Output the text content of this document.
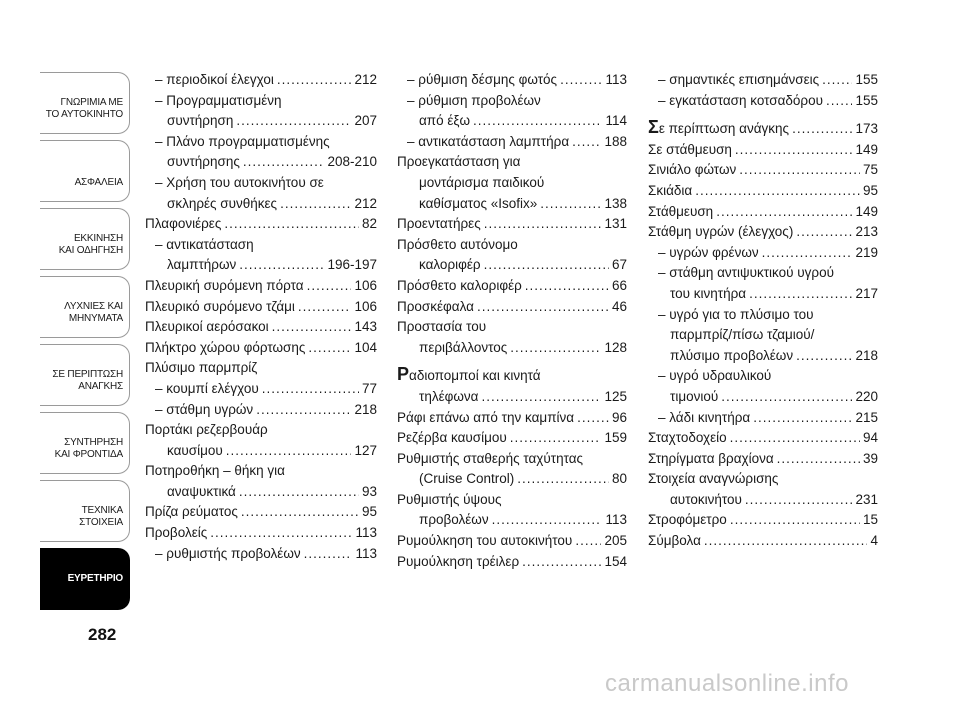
ΓΝΩΡΙΜΙΑ ΜΕ
ΤΟ ΑΥΤΟΚΙΝΗΤΟ
ΑΣΦΑΛΕΙΑ
ΕΚΚΙΝΗΣΗ
ΚΑΙ ΟΔΗΓΗΣΗ
ΛΥΧΝΙΕΣ ΚΑΙ
ΜΗΝΥΜΑΤΑ
ΣΕ ΠΕΡΙΠΤΩΣΗ
ΑΝΑΓΚΗΣ
ΣΥΝΤΗΡΗΣΗ
ΚΑΙ ΦΡΟΝΤΙΔΑ
ΤΕΧΝΙΚΑ
ΣΤΟΙΧΕΙΑ
ΕΥΡΕΤΗΡΙΟ
282
– περιοδικοί έλεγχοι .....	212
– Προγραμματισμένη
συντήρηση .....	207
– Πλάνο προγραμματισμένης
συντήρησης .....	208-210
– Χρήση του αυτοκινήτου σε
σκληρές συνθήκες .....	212
Πλαφονιέρες .....	82
– αντικατάσταση
λαμπτήρων .....	196-197
Πλευρική συρόμενη πόρτα .....	106
Πλευρικό συρόμενο τζάμι .....	106
Πλευρικοί αερόσακοι .....	143
Πλήκτρο χώρου φόρτωσης .....	104
Πλύσιμο παρμπρίζ
– κουμπί ελέγχου .....	77
– στάθμη υγρών .....	218
Πορτάκι ρεζερβουάρ
καυσίμου .....	127
Ποτηροθήκη – θήκη για
αναψυκτικά .....	93
Πρίζα ρεύματος .....	95
Προβολείς .....	113
– ρυθμιστής προβολέων .....	113
– ρύθμιση δέσμης φωτός .....	113
– ρύθμιση προβολέων
από έξω .....	114
– αντικατάσταση λαμπτήρα .....	188
Προεγκατάσταση για
μοντάρισμα παιδικού
καθίσματος «Isofix» .....	138
Προεντατήρες .....	131
Πρόσθετο αυτόνομο
καλοριφέρ .....	67
Πρόσθετο καλοριφέρ .....	66
Προσκέφαλα .....	46
Προστασία του
περιβάλλοντος .....	128
Ραδιοπομποί και κινητά
τηλέφωνα .....	125
Ράφι επάνω από την καμπίνα .....	96
Ρεζέρβα καυσίμου .....	159
Ρυθμιστής σταθερής ταχύτητας
(Cruise Control) .....	80
Ρυθμιστής ύψους
προβολέων .....	113
Ρυμούλκηση του αυτοκινήτου ..... 205
Ρυμούλκηση τρέιλερ .....	154
– σημαντικές επισημάνσεις .....	155
– εγκατάσταση κοτσαδόρου ..... 155
Σε περίπτωση ανάγκης .....	173
Σε στάθμευση .....	149
Σινιάλο φώτων .....	75
Σκιάδια .....	95
Στάθμευση .....	149
Στάθμη υγρών (έλεγχος) .....	213
– υγρών φρένων .....	219
– στάθμη αντιψυκτικού υγρού
του κινητήρα .....	217
– υγρό για το πλύσιμο του
παρμπρίζ/πίσω τζαμιού/
πλύσιμο προβολέων .....	218
– υγρό υδραυλικού
τιμονιού .....	220
– λάδι κινητήρα .....	215
Σταχτοδοχείο .....	94
Στηρίγματα βραχίονα .....	39
Στοιχεία αναγνώρισης
αυτοκινήτου .....	231
Στροφόμετρο .....	15
Σύμβολα .....	4
carmanualsonline.info
